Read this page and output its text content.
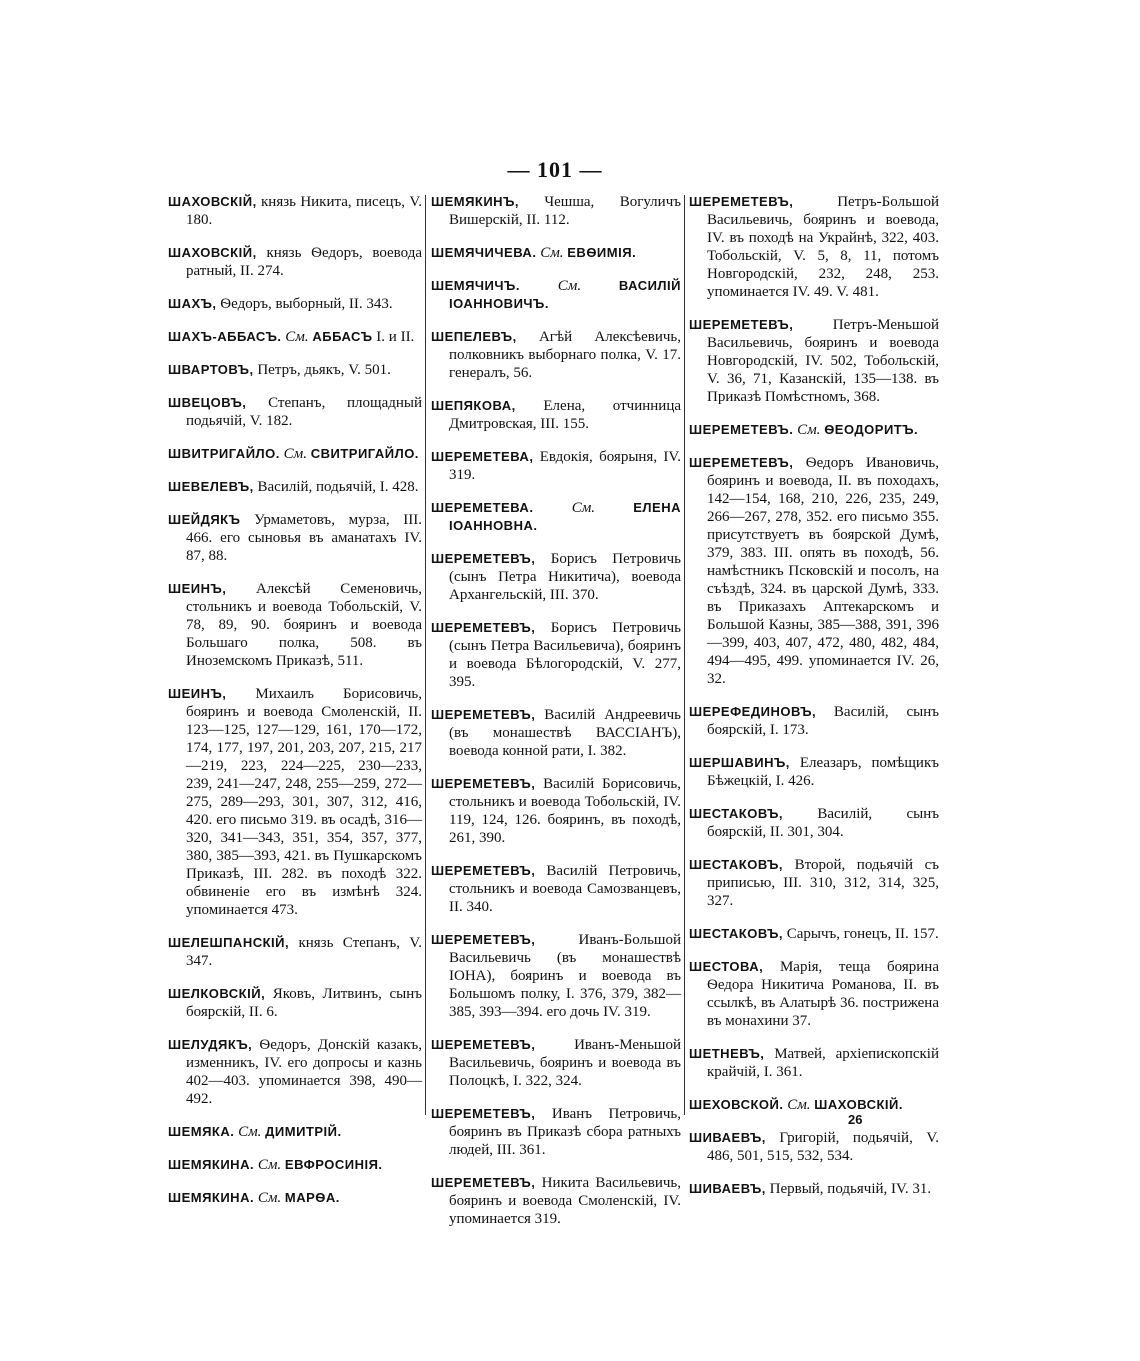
— 101 —

ШАХОВСКІЙ, князь Никита, писецъ, V. 180.

ШАХОВСКІЙ, князь Ѳедоръ, воевода ратный, II. 274.

ШАХЪ, Ѳедоръ, выборный, II. 343.

ШАХЪ-АББАСЪ. См. АББАСЪ I. и II.

ШВАРТОВЪ, Петръ, дьякъ, V. 501.

ШВЕЦОВЪ, Степанъ, площадный подьячій, V. 182.

ШВИТРИГАЙЛО. См. СВИТРИГАЙЛО.

ШЕВЕЛЕВЪ, Василій, подьячій, I. 428.

ШЕЙДЯКЪ Урмаметовъ, мурза, III. 466. его сыновья въ аманатахъ IV. 87, 88.

ШЕИНЪ, Алексѣй Семеновичь, стольникъ и воевода Тобольскій, V. 78, 89, 90. бояринъ и воевода Большаго полка, 508. въ Иноземскомъ Приказѣ, 511.

ШЕИНЪ, Михаилъ Борисовичь, бояринъ и воевода Смоленскій, II. 123—125, 127—129, 161, 170—172, 174, 177, 197, 201, 203, 207, 215, 217—219, 223, 224—225, 230—233, 239, 241—247, 248, 255—259, 272—275, 289—293, 301, 307, 312, 416, 420. его письмо 319. въ осадѣ, 316—320, 341—343, 351, 354, 357, 377, 380, 385—393, 421. въ Пушкарскомъ Приказѣ, III. 282. въ походѣ 322. обвиненіе его въ измѣнѣ 324. упоминается 473.

ШЕЛЕШПАНСКІЙ, князь Степанъ, V. 347.

ШЕЛКОВСКІЙ, Яковъ, Литвинъ, сынъ боярскій, II. 6.

ШЕЛУДЯКЪ, Ѳедоръ, Донскій казакъ, изменникъ, IV. его допросы и казнь 402—403. упоминается 398, 490—492.

ШЕМЯКА. См. ДИМИТРІЙ.

ШЕМЯКИНА. См. ЕВФРОСИНІЯ.

ШЕМЯКИНА. См. МАРѲА.

ШЕМЯКИНЪ, Чешша, Вогуличъ Вишерскій, II. 112.

ШЕМЯЧИЧЕВА. См. ЕВѲИМІЯ.

ШЕМЯЧИЧЪ.	См.	ВАСИЛІЙ ІОАННОВИЧЪ.

ШЕПЕЛЕВЪ, Агѣй Алексѣевичь, полковникъ выборнаго полка, V. 17. генералъ, 56.

ШЕПЯКОВА, Елена, отчинница Дмитровская, III. 155.

ШЕРЕМЕТЕВА, Евдокія, боярыня, IV. 319.

ШЕРЕМЕТЕВА.	См.	ЕЛЕНА ІОАННОВНА.

ШЕРЕМЕТЕВЪ, Борисъ Петровичь (сынъ Петра Никитича), воевода Архангельскій, III. 370.

ШЕРЕМЕТЕВЪ, Борисъ Петровичь (сынъ Петра Васильевича), бояринъ и воевода Бѣлогородскій, V. 277, 395.

ШЕРЕМЕТЕВЪ, Василій Андреевичь (въ монашествѣ ВАССІАНЪ), воевода конной рати, I. 382.

ШЕРЕМЕТЕВЪ, Василій Борисовичь, стольникъ и воевода Тобольскій, IV. 119, 124, 126. бояринъ, въ походѣ, 261, 390.

ШЕРЕМЕТЕВЪ, Василій Петровичь, стольникъ и воевода Самозванцевъ, II. 340.

ШЕРЕМЕТЕВЪ,	Иванъ-Большой Васильевичь (въ монашествѣ ІОНА), бояринъ и воевода въ Большомъ полку, I. 376, 379, 382—385, 393—394. его дочь IV. 319.

ШЕРЕМЕТЕВЪ,	Иванъ-Меньшой Васильевичь, бояринъ и воевода въ Полоцкѣ, I. 322, 324.

ШЕРЕМЕТЕВЪ, Иванъ Петровичь, бояринъ въ Приказѣ сбора ратныхъ людей, III. 361.

ШЕРЕМЕТЕВЪ, Никита Васильевичь, бояринъ и воевода Смоленскій, IV. упоминается 319.

ШЕРЕМЕТЕВЪ,	Петръ-Большой Васильевичь, бояринъ и воевода, IV. въ походѣ на Украйнѣ, 322, 403. Тобольскій, V. 5, 8, 11, потомъ Новгородскій, 232, 248, 253. упоминается IV. 49. V. 481.

ШЕРЕМЕТЕВЪ,	Петръ-Меньшой Васильевичь, бояринъ и воевода Новгородскій, IV. 502, Тобольскій, V. 36, 71, Казанскій, 135—138. въ Приказѣ Помѣстномъ, 368.

ШЕРЕМЕТЕВЪ. См. ѲЕОДОРИТЪ.

ШЕРЕМЕТЕВЪ, Ѳедоръ Ивановичь, бояринъ и воевода, II. въ походахъ, 142—154, 168, 210, 226, 235, 249, 266—267, 278, 352. его письмо 355. присутствуетъ въ боярской Думѣ, 379, 383. III. опять въ походѣ, 56. намѣстникъ Псковскій и посолъ, на съѣздѣ, 324. въ царской Думѣ, 333. въ Приказахъ Аптекарскомъ и Большой Казны, 385—388, 391, 396—399, 403, 407, 472, 480, 482, 484, 494—495, 499. упоминается IV. 26, 32.

ШЕРЕФЕДИНОВЪ, Василій, сынъ боярскій, I. 173.

ШЕРШАВИНЪ, Елеазаръ, помѣщикъ Бѣжецкій, I. 426.

ШЕСТАКОВЪ, Василій, сынъ боярскій, II. 301, 304.

ШЕСТАКОВЪ, Второй, подьячій съ приписью, III. 310, 312, 314, 325, 327.

ШЕСТАКОВЪ, Сарычъ, гонецъ, II. 157.

ШЕСТОВА, Марія, теща боярина Ѳедора Никитича Романова, II. въ ссылкѣ, въ Алатырѣ 36. пострижена въ монахини 37.

ШЕТНЕВЪ, Матвей, архіепископскій крайчій, I. 361.

ШЕХОВСКОЙ. См. ШАХОВСКІЙ.

ШИВАЕВЪ, Григорій, подьячій, V. 486, 501, 515, 532, 534.

ШИВАЕВЪ, Первый, подьячій, IV. 31.

26
